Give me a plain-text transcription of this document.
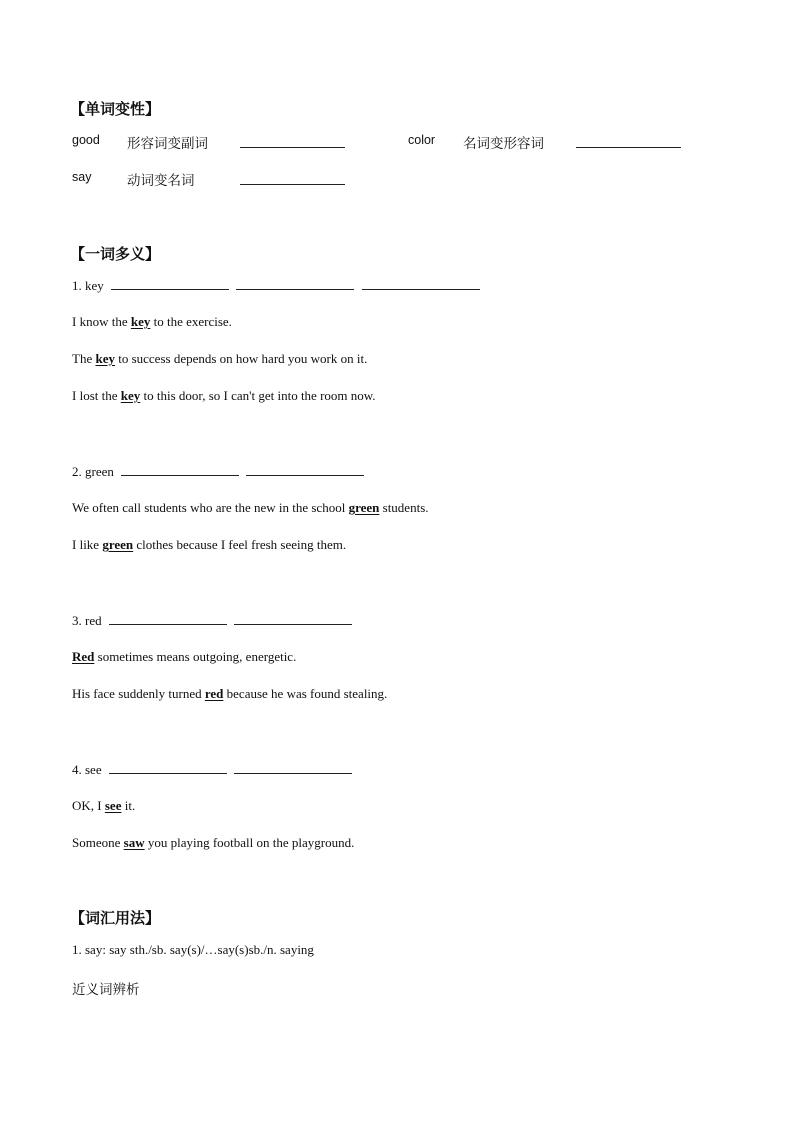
【单词变性】
good 形容词变副词	color 名词变形容词
say	动词变名词
【一词多义】
1. key
I know the key to the exercise.
The key to success depends on how hard you work on it.
I lost the key to this door, so I can't get into the room now.
2. green
We often call students who are the new in the school green students.
I like green clothes because I feel fresh seeing them.
3. red
Red sometimes means outgoing, energetic.
His face suddenly turned red because he was found stealing.
4. see
OK, I see it.
Someone saw you playing football on the playground.
【词汇用法】
1. say: say sth./sb. say(s)/…say(s)sb./n. saying
近义词辨析
